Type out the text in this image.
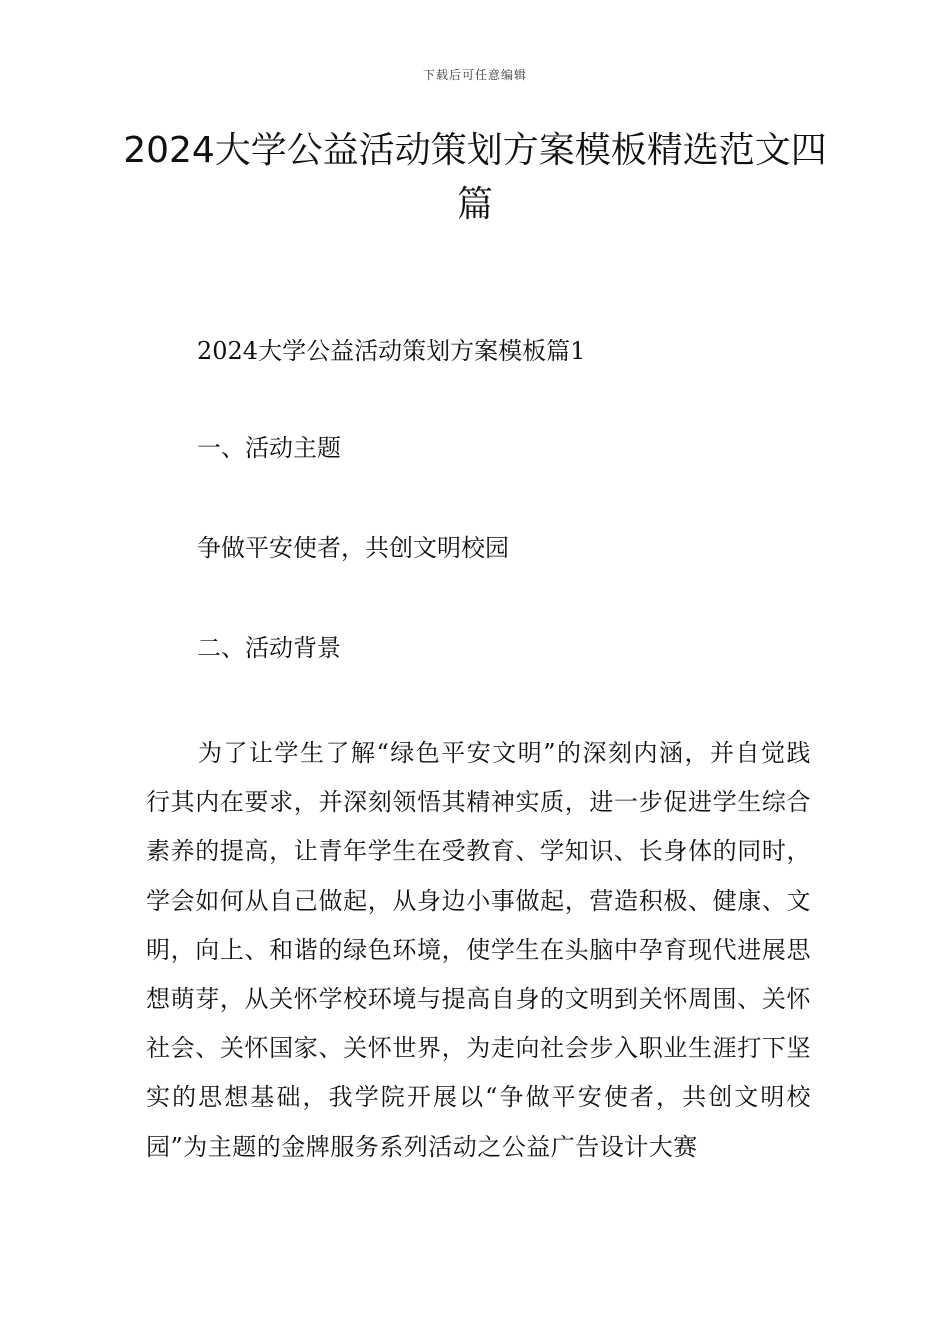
下载后可任意编辑
2024大学公益活动策划方案模板精选范文四篇

2024大学公益活动策划方案模板篇1

一、活动主题

争做平安使者，共创文明校园

二、活动背景

为了让学生了解“绿色平安文明”的深刻内涵，并自觉践行其内在要求，并深刻领悟其精神实质，进一步促进学生综合素养的提高，让青年学生在受教育、学知识、长身体的同时，学会如何从自己做起，从身边小事做起，营造积极、健康、文明，向上、和谐的绿色环境，使学生在头脑中孕育现代进展思想萌芽，从关怀学校环境与提高自身的文明到关怀周围、关怀社会、关怀国家、关怀世界，为走向社会步入职业生涯打下坚实的思想基础，我学院开展以“争做平安使者，共创文明校园”为主题的金牌服务系列活动之公益广告设计大赛
